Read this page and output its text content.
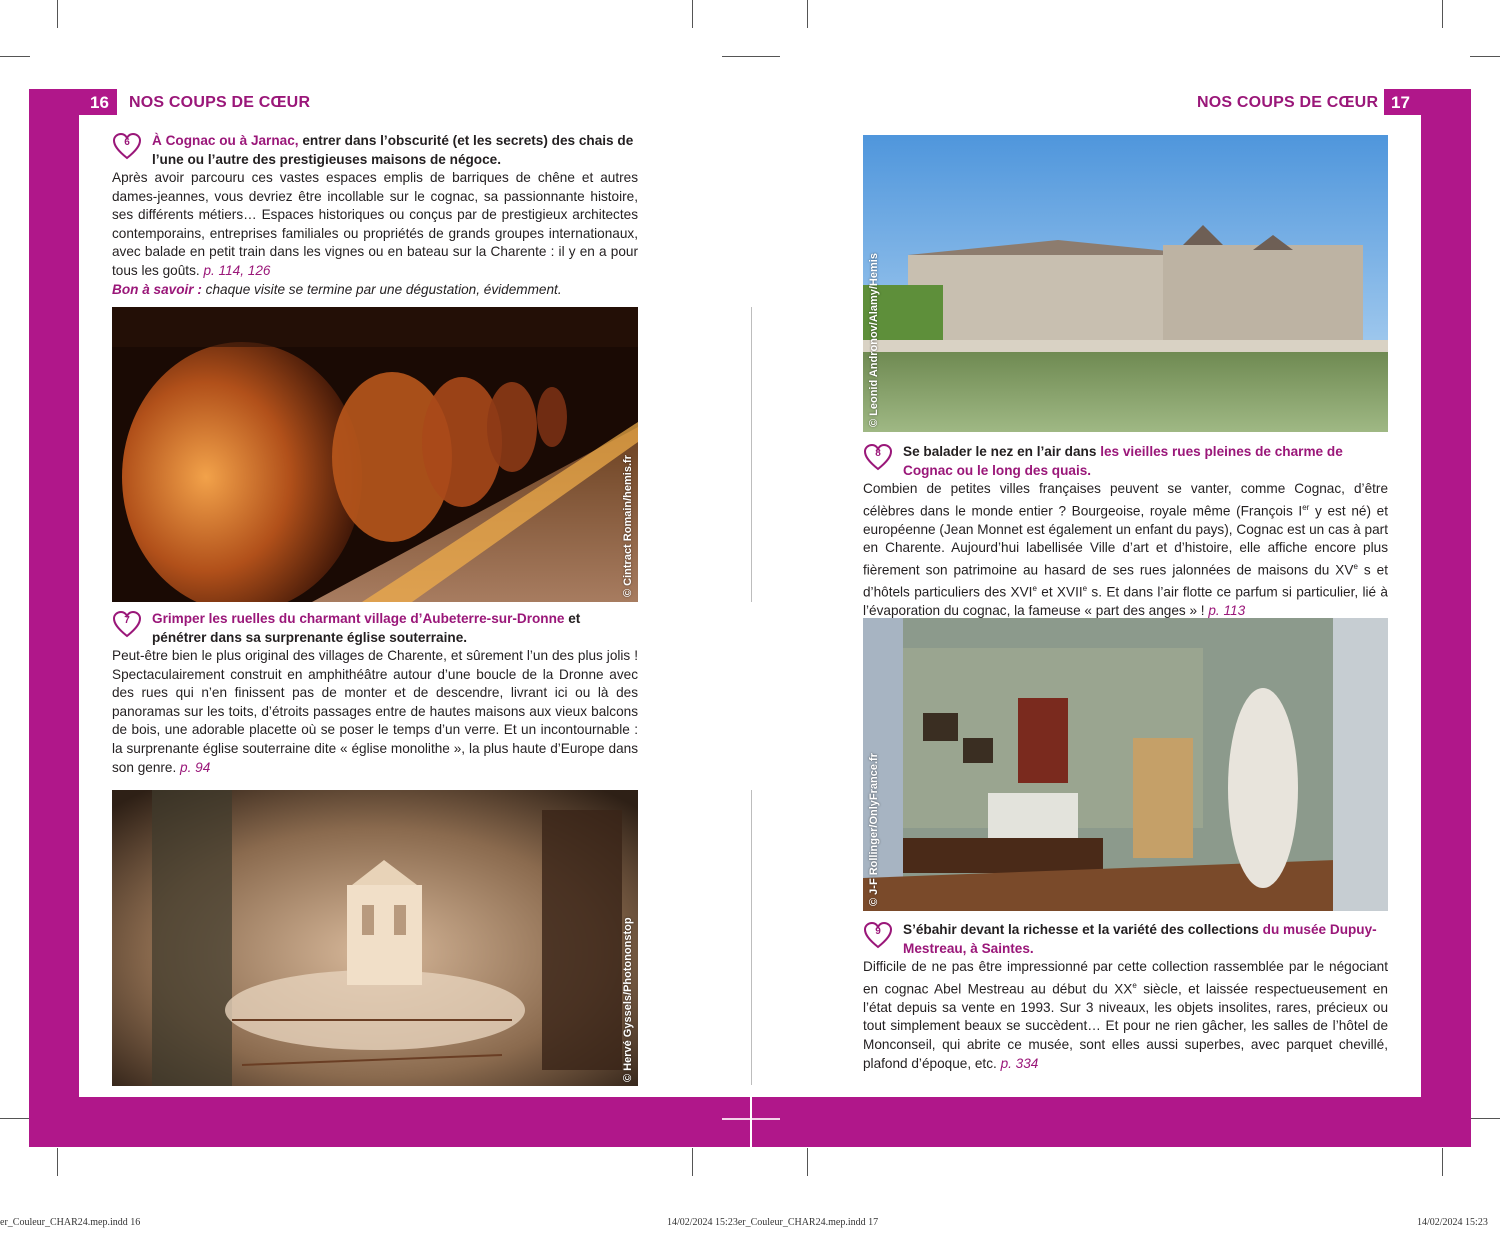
16 NOS COUPS DE CŒUR	NOS COUPS DE CŒUR 17
6	À Cognac ou à Jarnac, entrer dans l’obscurité (et les secrets) des chais de l’une ou l’autre des prestigieuses maisons de négoce.
Après avoir parcouru ces vastes espaces emplis de barriques de chêne et autres dames-jeannes, vous devriez être incollable sur le cognac, sa passionnante histoire, ses différents métiers… Espaces historiques ou conçus par de prestigieux architectes contemporains, entreprises familiales ou propriétés de grands groupes internationaux, avec balade en petit train dans les vignes ou en bateau sur la Charente : il y en a pour tous les goûts. p. 114, 126
Bon à savoir : chaque visite se termine par une dégustation, évidemment.
© Cintract Romain/hemis.fr
7	Grimper les ruelles du charmant village d’Aubeterre-sur-Dronne et pénétrer dans sa surprenante église souterraine.
Peut-être bien le plus original des villages de Charente, et sûrement l’un des plus jolis ! Spectaculairement construit en amphithéâtre autour d’une boucle de la Dronne avec des rues qui n’en finissent pas de monter et de descendre, livrant ici ou là des panoramas sur les toits, d’étroits passages entre de hautes maisons aux vieux balcons de bois, une adorable placette où se poser le temps d’un verre. Et un incontournable : la surprenante église souterraine dite « église monolithe », la plus haute d’Europe dans son genre. p. 94
© Hervé Gyssels/Photononstop
© Leonid Andronov/Alamy/Hemis
8	Se balader le nez en l’air dans les vieilles rues pleines de charme de Cognac ou le long des quais.
Combien de petites villes françaises peuvent se vanter, comme Cognac, d’être célèbres dans le monde entier ? Bourgeoise, royale même (François Ier y est né) et européenne (Jean Monnet est également un enfant du pays), Cognac est un cas à part en Charente. Aujourd’hui labellisée Ville d’art et d’histoire, elle affiche encore plus fièrement son patrimoine au hasard de ses rues jalonnées de maisons du XVe s et d’hôtels particuliers des XVIe et XVIIe s. Et dans l’air flotte ce parfum si particulier, lié à l’évaporation du cognac, la fameuse « part des anges » ! p. 113
© J-F Rollinger/OnlyFrance.fr
9	S’ébahir devant la richesse et la variété des collections du musée Dupuy-Mestreau, à Saintes.
Difficile de ne pas être impressionné par cette collection rassemblée par le négociant en cognac Abel Mestreau au début du XXe siècle, et laissée respectueusement en l’état depuis sa vente en 1993. Sur 3 niveaux, les objets insolites, rares, précieux ou tout simplement beaux se succèdent… Et pour ne rien gâcher, les salles de l’hôtel de Monconseil, qui abrite ce musée, sont elles aussi superbes, avec parquet chevillé, plafond d’époque, etc. p. 334
er_Couleur_CHAR24.mep.indd 16	14/02/2024 15:23er_Couleur_CHAR24.mep.indd 17	14/02/2024 15:23
